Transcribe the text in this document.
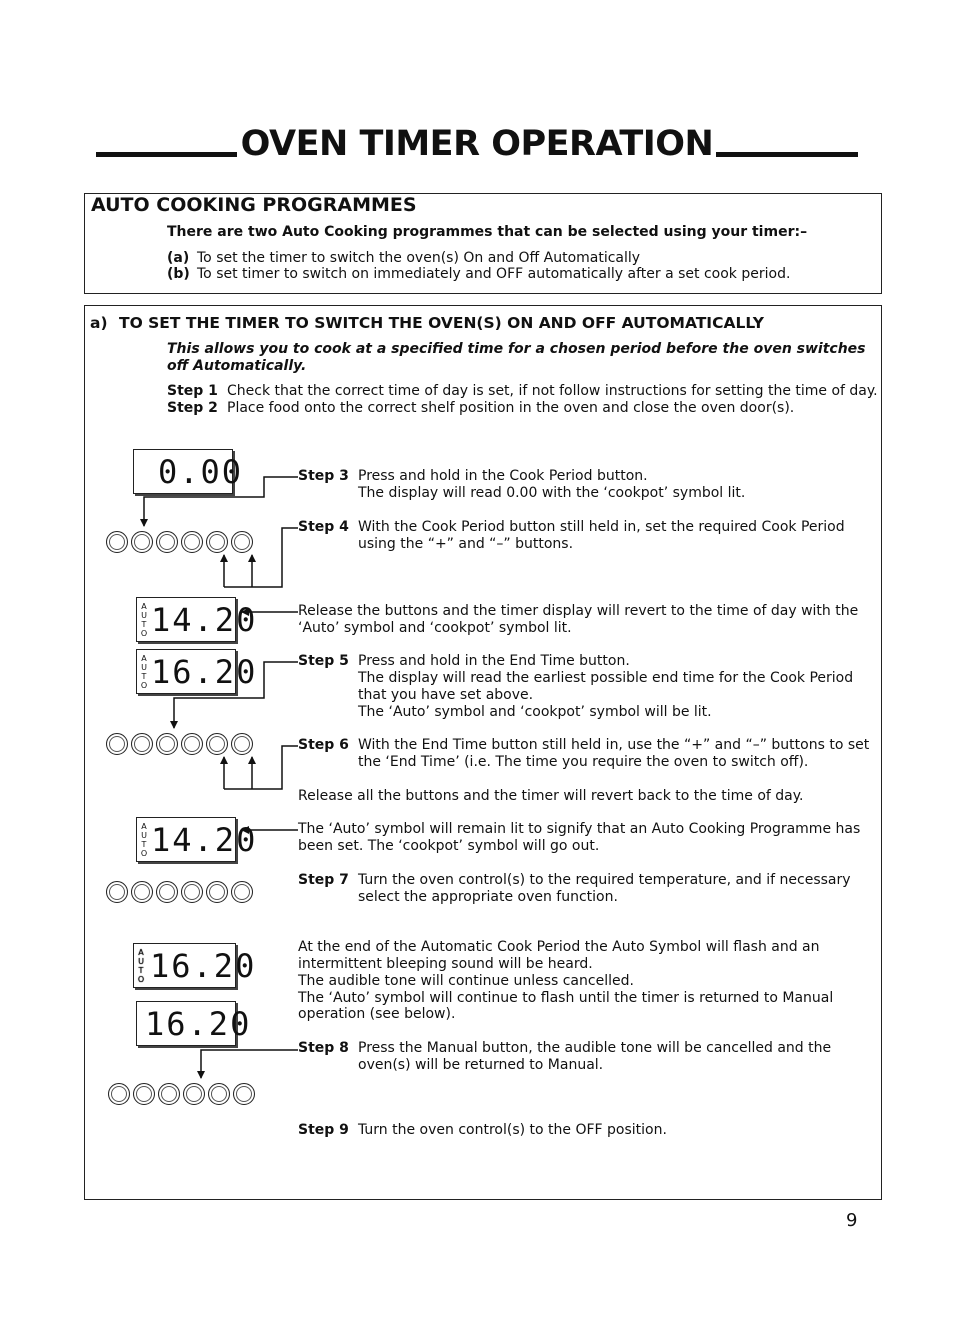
OVEN TIMER OPERATION
AUTO COOKING PROGRAMMES
There are two Auto Cooking programmes that can be selected using your timer:–
(a) To set the timer to switch the oven(s) On and Off Automatically
(b) To set timer to switch on immediately and OFF automatically after a set cook period.
a) TO SET THE TIMER TO SWITCH THE OVEN(S) ON AND OFF AUTOMATICALLY
This allows you to cook at a specified time for a chosen period before the oven switches
off Automatically.
Step 1 Check that the correct time of day is set, if not follow instructions for setting the time of day.
Step 2 Place food onto the correct shelf position in the oven and close the oven door(s).
Step 3 Press and hold in the Cook Period button.
The display will read 0.00 with the ‘cookpot’ symbol lit.
Step 4 With the Cook Period button still held in, set the required Cook Period
using the “+” and “–” buttons.
Release the buttons and the timer display will revert to the time of day with the
‘Auto’ symbol and ‘cookpot’ symbol lit.
Step 5 Press and hold in the End Time button.
The display will read the earliest possible end time for the Cook Period
that you have set above.
The ‘Auto’ symbol and ‘cookpot’ symbol will be lit.
Step 6 With the End Time button still held in, use the “+” and “–” buttons to set
the ‘End Time’ (i.e. The time you require the oven to switch off).
Release all the buttons and the timer will revert back to the time of day.
The ‘Auto’ symbol will remain lit to signify that an Auto Cooking Programme has
been set. The ‘cookpot’ symbol will go out.
Step 7 Turn the oven control(s) to the required temperature, and if necessary
select the appropriate oven function.
At the end of the Automatic Cook Period the Auto Symbol will flash and an
intermittent bleeping sound will be heard.
The audible tone will continue unless cancelled.
The ‘Auto’ symbol will continue to flash until the timer is returned to Manual
operation (see below).
Step 8 Press the Manual button, the audible tone will be cancelled and the
oven(s) will be returned to Manual.
Step 9 Turn the oven control(s) to the OFF position.
0.00
A
U
T
O 14.20
A
U
T
O 16.20
A
U
T
O 14.20
A
U
T
O 16.20
16.20
9
